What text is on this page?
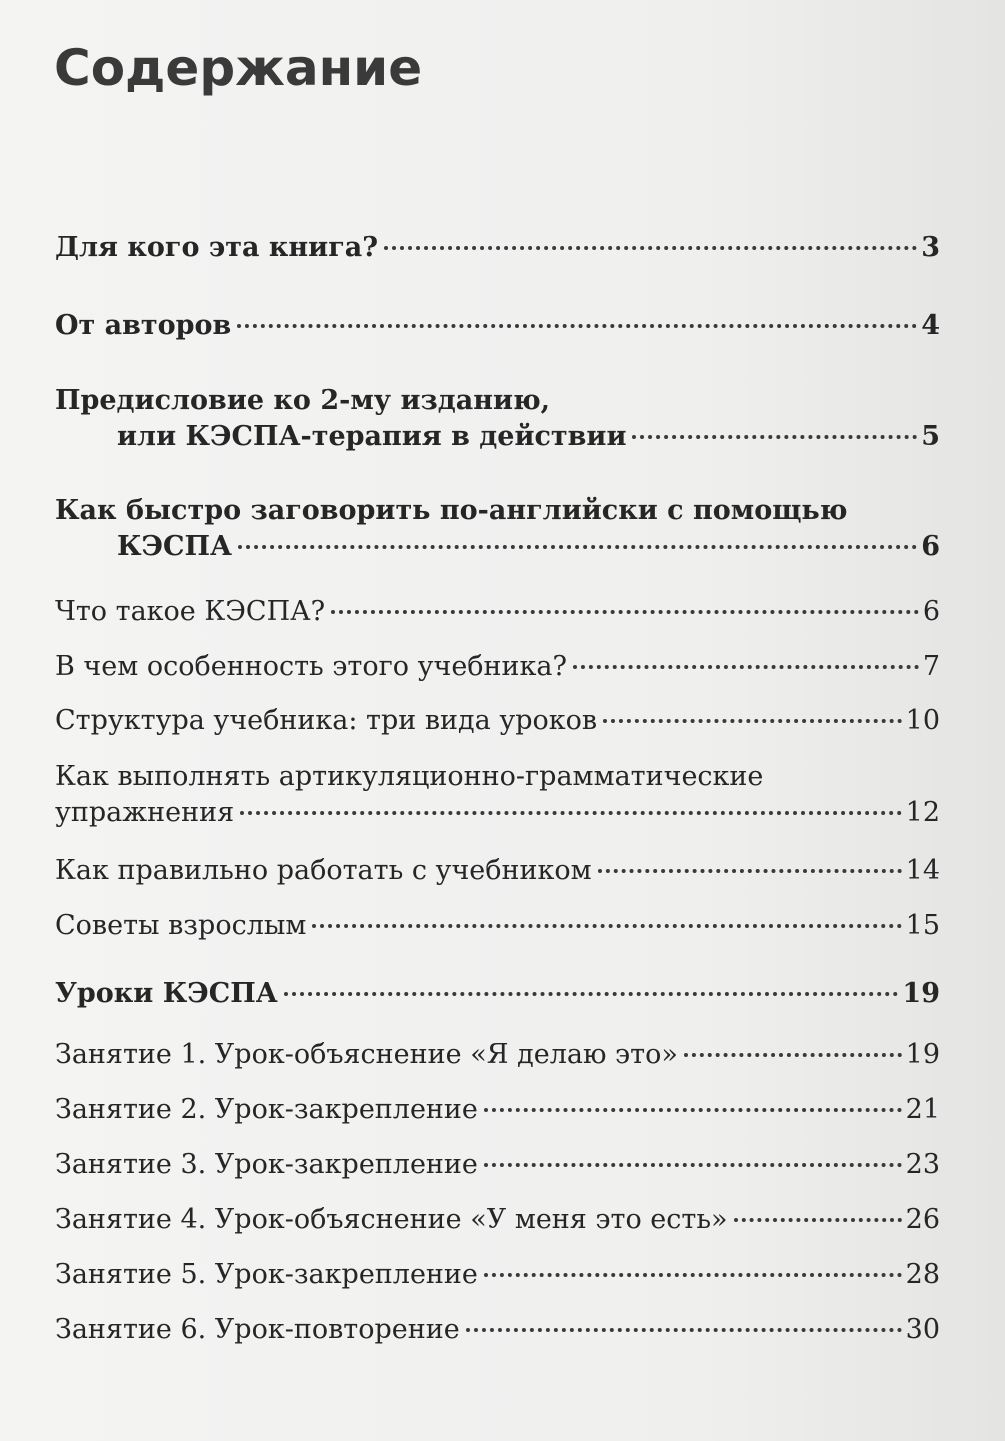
Содержание
Для кого эта книга?	3
От авторов	4
Предисловие ко 2-му изданию,
или КЭСПА-терапия в действии	5
Как быстро заговорить по-английски с помощью
КЭСПА	6
Что такое КЭСПА?	6
В чем особенность этого учебника?	7
Структура учебника: три вида уроков	10
Как выполнять артикуляционно-грамматические
упражнения	12
Как правильно работать с учебником	14
Советы взрослым	15
Уроки КЭСПА	19
Занятие 1. Урок-объяснение «Я делаю это»	19
Занятие 2. Урок-закрепление	21
Занятие 3. Урок-закрепление	23
Занятие 4. Урок-объяснение «У меня это есть»	26
Занятие 5. Урок-закрепление	28
Занятие 6. Урок-повторение	30
